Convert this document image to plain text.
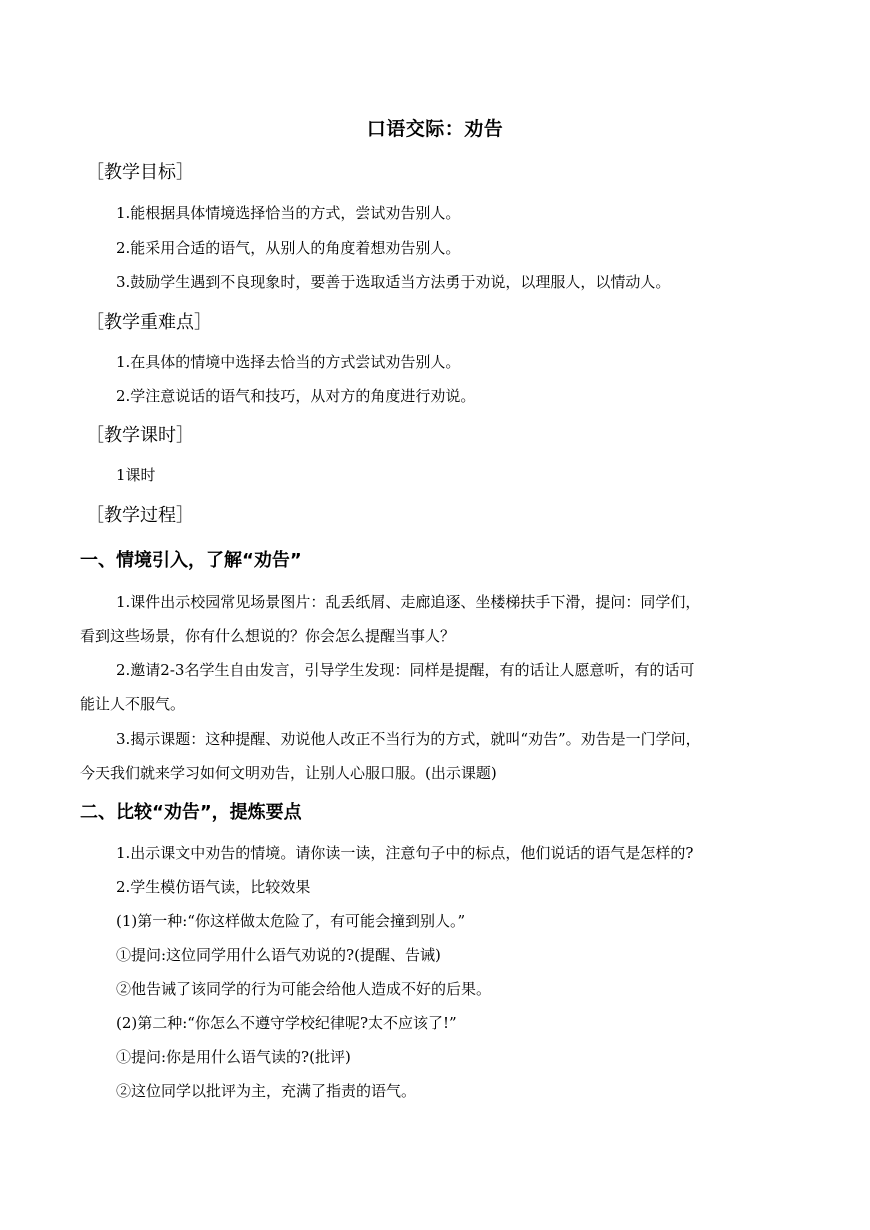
口语交际：劝告
［教学目标］
1.能根据具体情境选择恰当的方式，尝试劝告别人。
2.能采用合适的语气，从别人的角度着想劝告别人。
3.鼓励学生遇到不良现象时，要善于选取适当方法勇于劝说，以理服人，以情动人。
［教学重难点］
1.在具体的情境中选择去恰当的方式尝试劝告别人。
2.学注意说话的语气和技巧，从对方的角度进行劝说。
［教学课时］
1课时
［教学过程］
一、情境引入，了解“劝告”
1.课件出示校园常见场景图片：乱丢纸屑、走廊追逐、坐楼梯扶手下滑，提问：同学们，
看到这些场景，你有什么想说的？你会怎么提醒当事人？
2.邀请2-3名学生自由发言，引导学生发现：同样是提醒，有的话让人愿意听，有的话可
能让人不服气。
3.揭示课题：这种提醒、劝说他人改正不当行为的方式，就叫“劝告”。劝告是一门学问，
今天我们就来学习如何文明劝告，让别人心服口服。(出示课题)
二、比较“劝告”，提炼要点
1.出示课文中劝告的情境。请你读一读，注意句子中的标点，他们说话的语气是怎样的?
2.学生模仿语气读，比较效果
(1)第一种:“你这样做太危险了，有可能会撞到别人。”
①提问:这位同学用什么语气劝说的?(提醒、告诫)
②他告诫了该同学的行为可能会给他人造成不好的后果。
(2)第二种:“你怎么不遵守学校纪律呢?太不应该了!”
①提问:你是用什么语气读的?(批评)
②这位同学以批评为主，充满了指责的语气。
